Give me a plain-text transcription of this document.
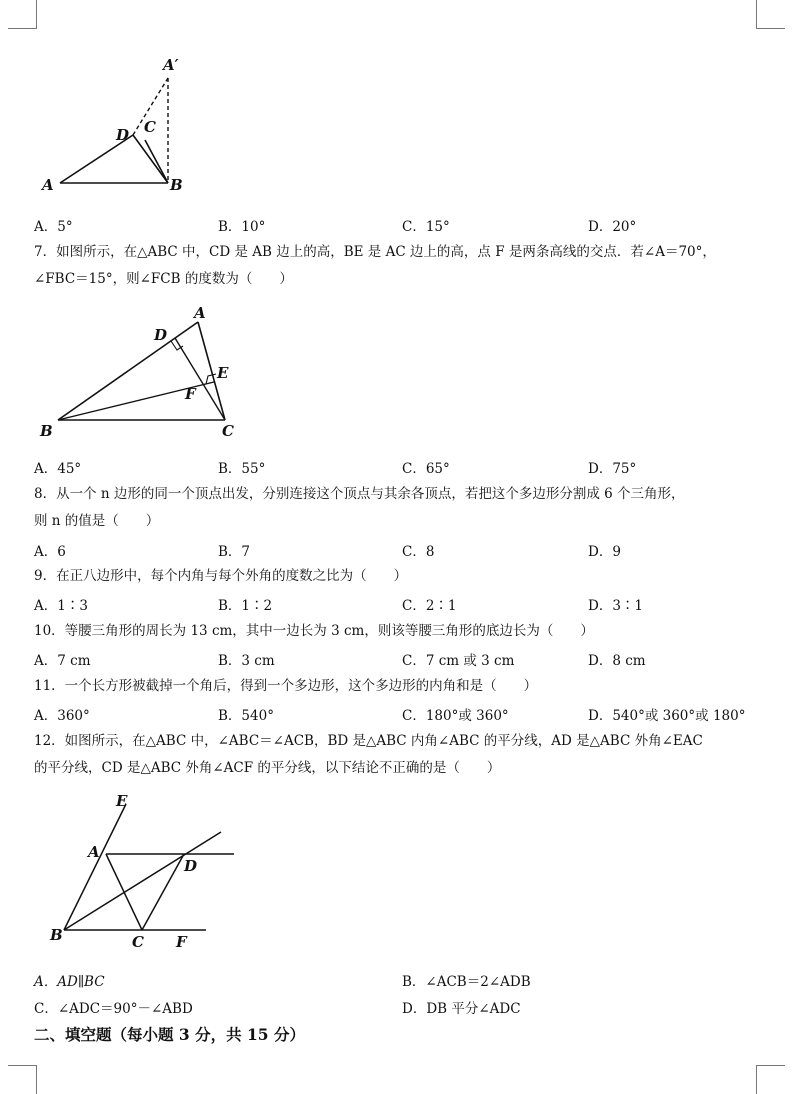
A′
D C
A	B
A．5°	B．10°	C．15°	D．20°
7．如图所示，在△ABC 中，CD 是 AB 边上的高，BE 是 AC 边上的高，点 F 是两条高线的交点．若∠A＝70°，
∠FBC＝15°，则∠FCB 的度数为（　　）
A
D
E
F
B	C
A．45°	B．55°	C．65°	D．75°
8．从一个 n 边形的同一个顶点出发，分别连接这个顶点与其余各顶点，若把这个多边形分割成 6 个三角形，
则 n 的值是（　　）
A．6	B．7	C．8	D．9
9．在正八边形中，每个内角与每个外角的度数之比为（　　）
A．1∶3	B．1∶2	C．2∶1	D．3∶1
10．等腰三角形的周长为 13 cm，其中一边长为 3 cm，则该等腰三角形的底边长为（　　）
A．7 cm	B．3 cm	C．7 cm 或 3 cm	D．8 cm
11．一个长方形被截掉一个角后，得到一个多边形，这个多边形的内角和是（　　）
A．360°	B．540°	C．180°或 360°	D．540°或 360°或 180°
12．如图所示，在△ABC 中，∠ABC＝∠ACB，BD 是△ABC 内角∠ABC 的平分线，AD 是△ABC 外角∠EAC
的平分线，CD 是△ABC 外角∠ACF 的平分线，以下结论不正确的是（　　）
E
A
D
B	C F
A．AD∥BC	B．∠ACB＝2∠ADB
C．∠ADC＝90°－∠ABD	D．DB 平分∠ADC
二、填空题（每小题 3 分，共 15 分）
